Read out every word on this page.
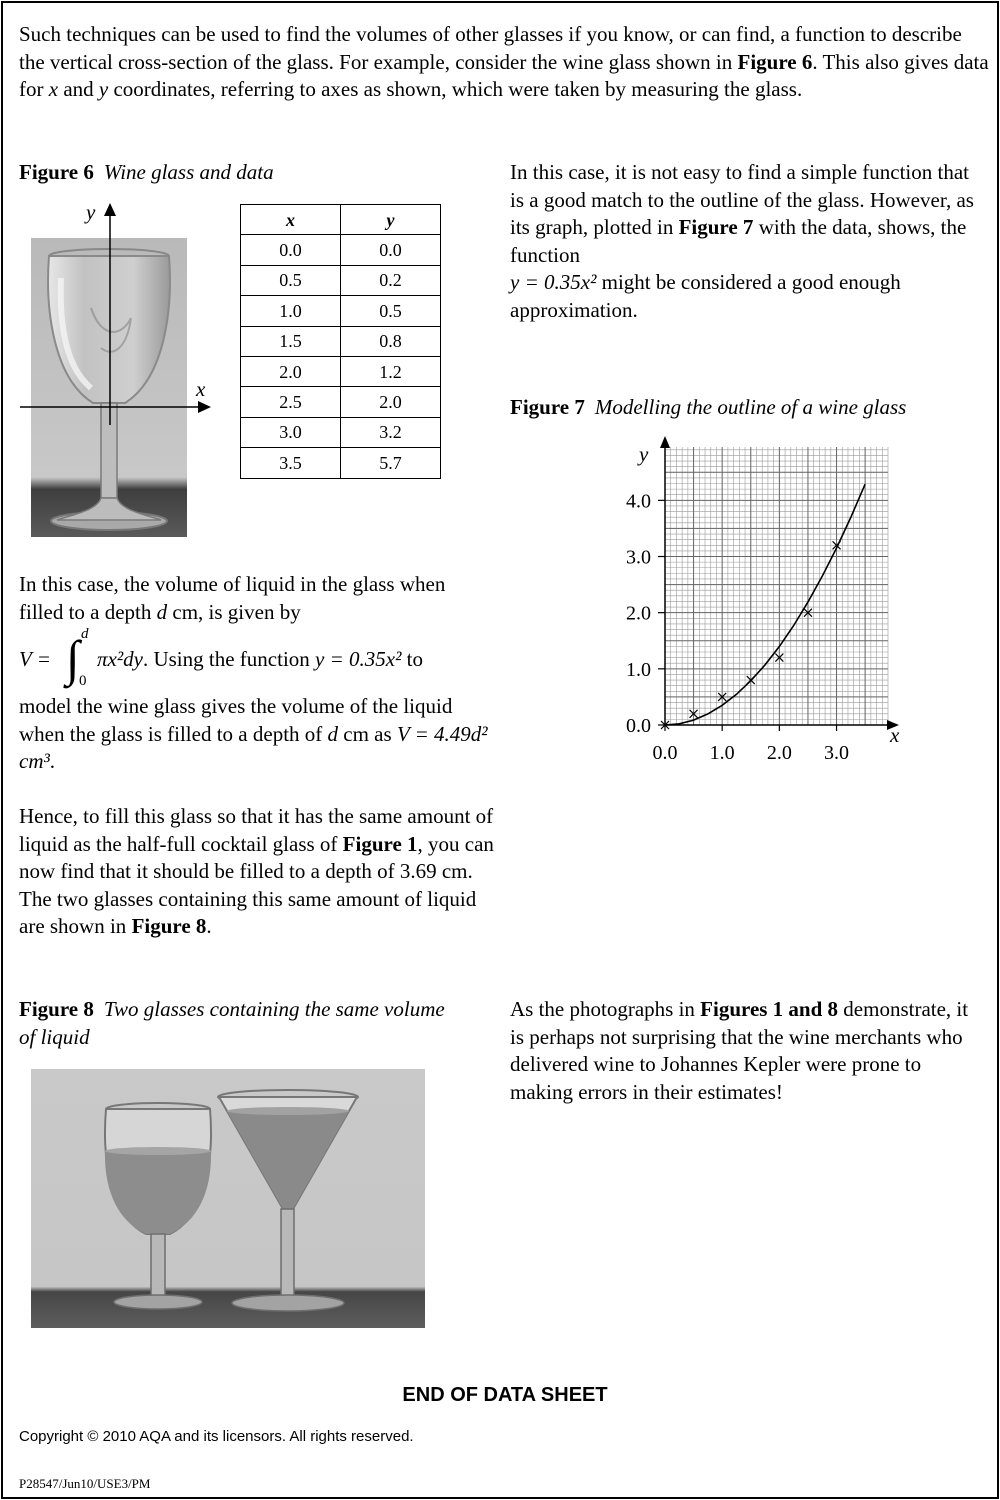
Such techniques can be used to find the volumes of other glasses if you know, or can find, a function to describe the vertical cross-section of the glass. For example, consider the wine glass shown in Figure 6. This also gives data for x and y coordinates, referring to axes as shown, which were taken by measuring the glass.

Figure 6 Wine glass and data

y
x
x	y
0.0	0.0
0.5	0.2
1.0	0.5
1.5	0.8
2.0	1.2
2.5	2.0
3.0	3.2
3.5	5.7

In this case, it is not easy to find a simple function that is a good match to the outline of the glass. However, as its graph, plotted in Figure 7 with the data, shows, the function
y = 0.35x² might be considered a good enough approximation.

Figure 7 Modelling the outline of a wine glass

0.0 1.0 2.0 3.0
0.0
1.0
2.0
3.0
4.0
y
x

In this case, the volume of liquid in the glass when filled to a depth d cm, is given by

V = ∫ d
0
πx²dy. Using the function y = 0.35x² to

model the wine glass gives the volume of the liquid when the glass is filled to a depth of d cm as V = 4.49d² cm³.

Hence, to fill this glass so that it has the same amount of liquid as the half-full cocktail glass of Figure 1, you can now find that it should be filled to a depth of 3.69 cm. The two glasses containing this same amount of liquid are shown in Figure 8.

Figure 8 Two glasses containing the same volume of liquid

As the photographs in Figures 1 and 8 demonstrate, it is perhaps not surprising that the wine merchants who delivered wine to Johannes Kepler were prone to making errors in their estimates!

END OF DATA SHEET
Copyright © 2010 AQA and its licensors. All rights reserved.
P28547/Jun10/USE3/PM
